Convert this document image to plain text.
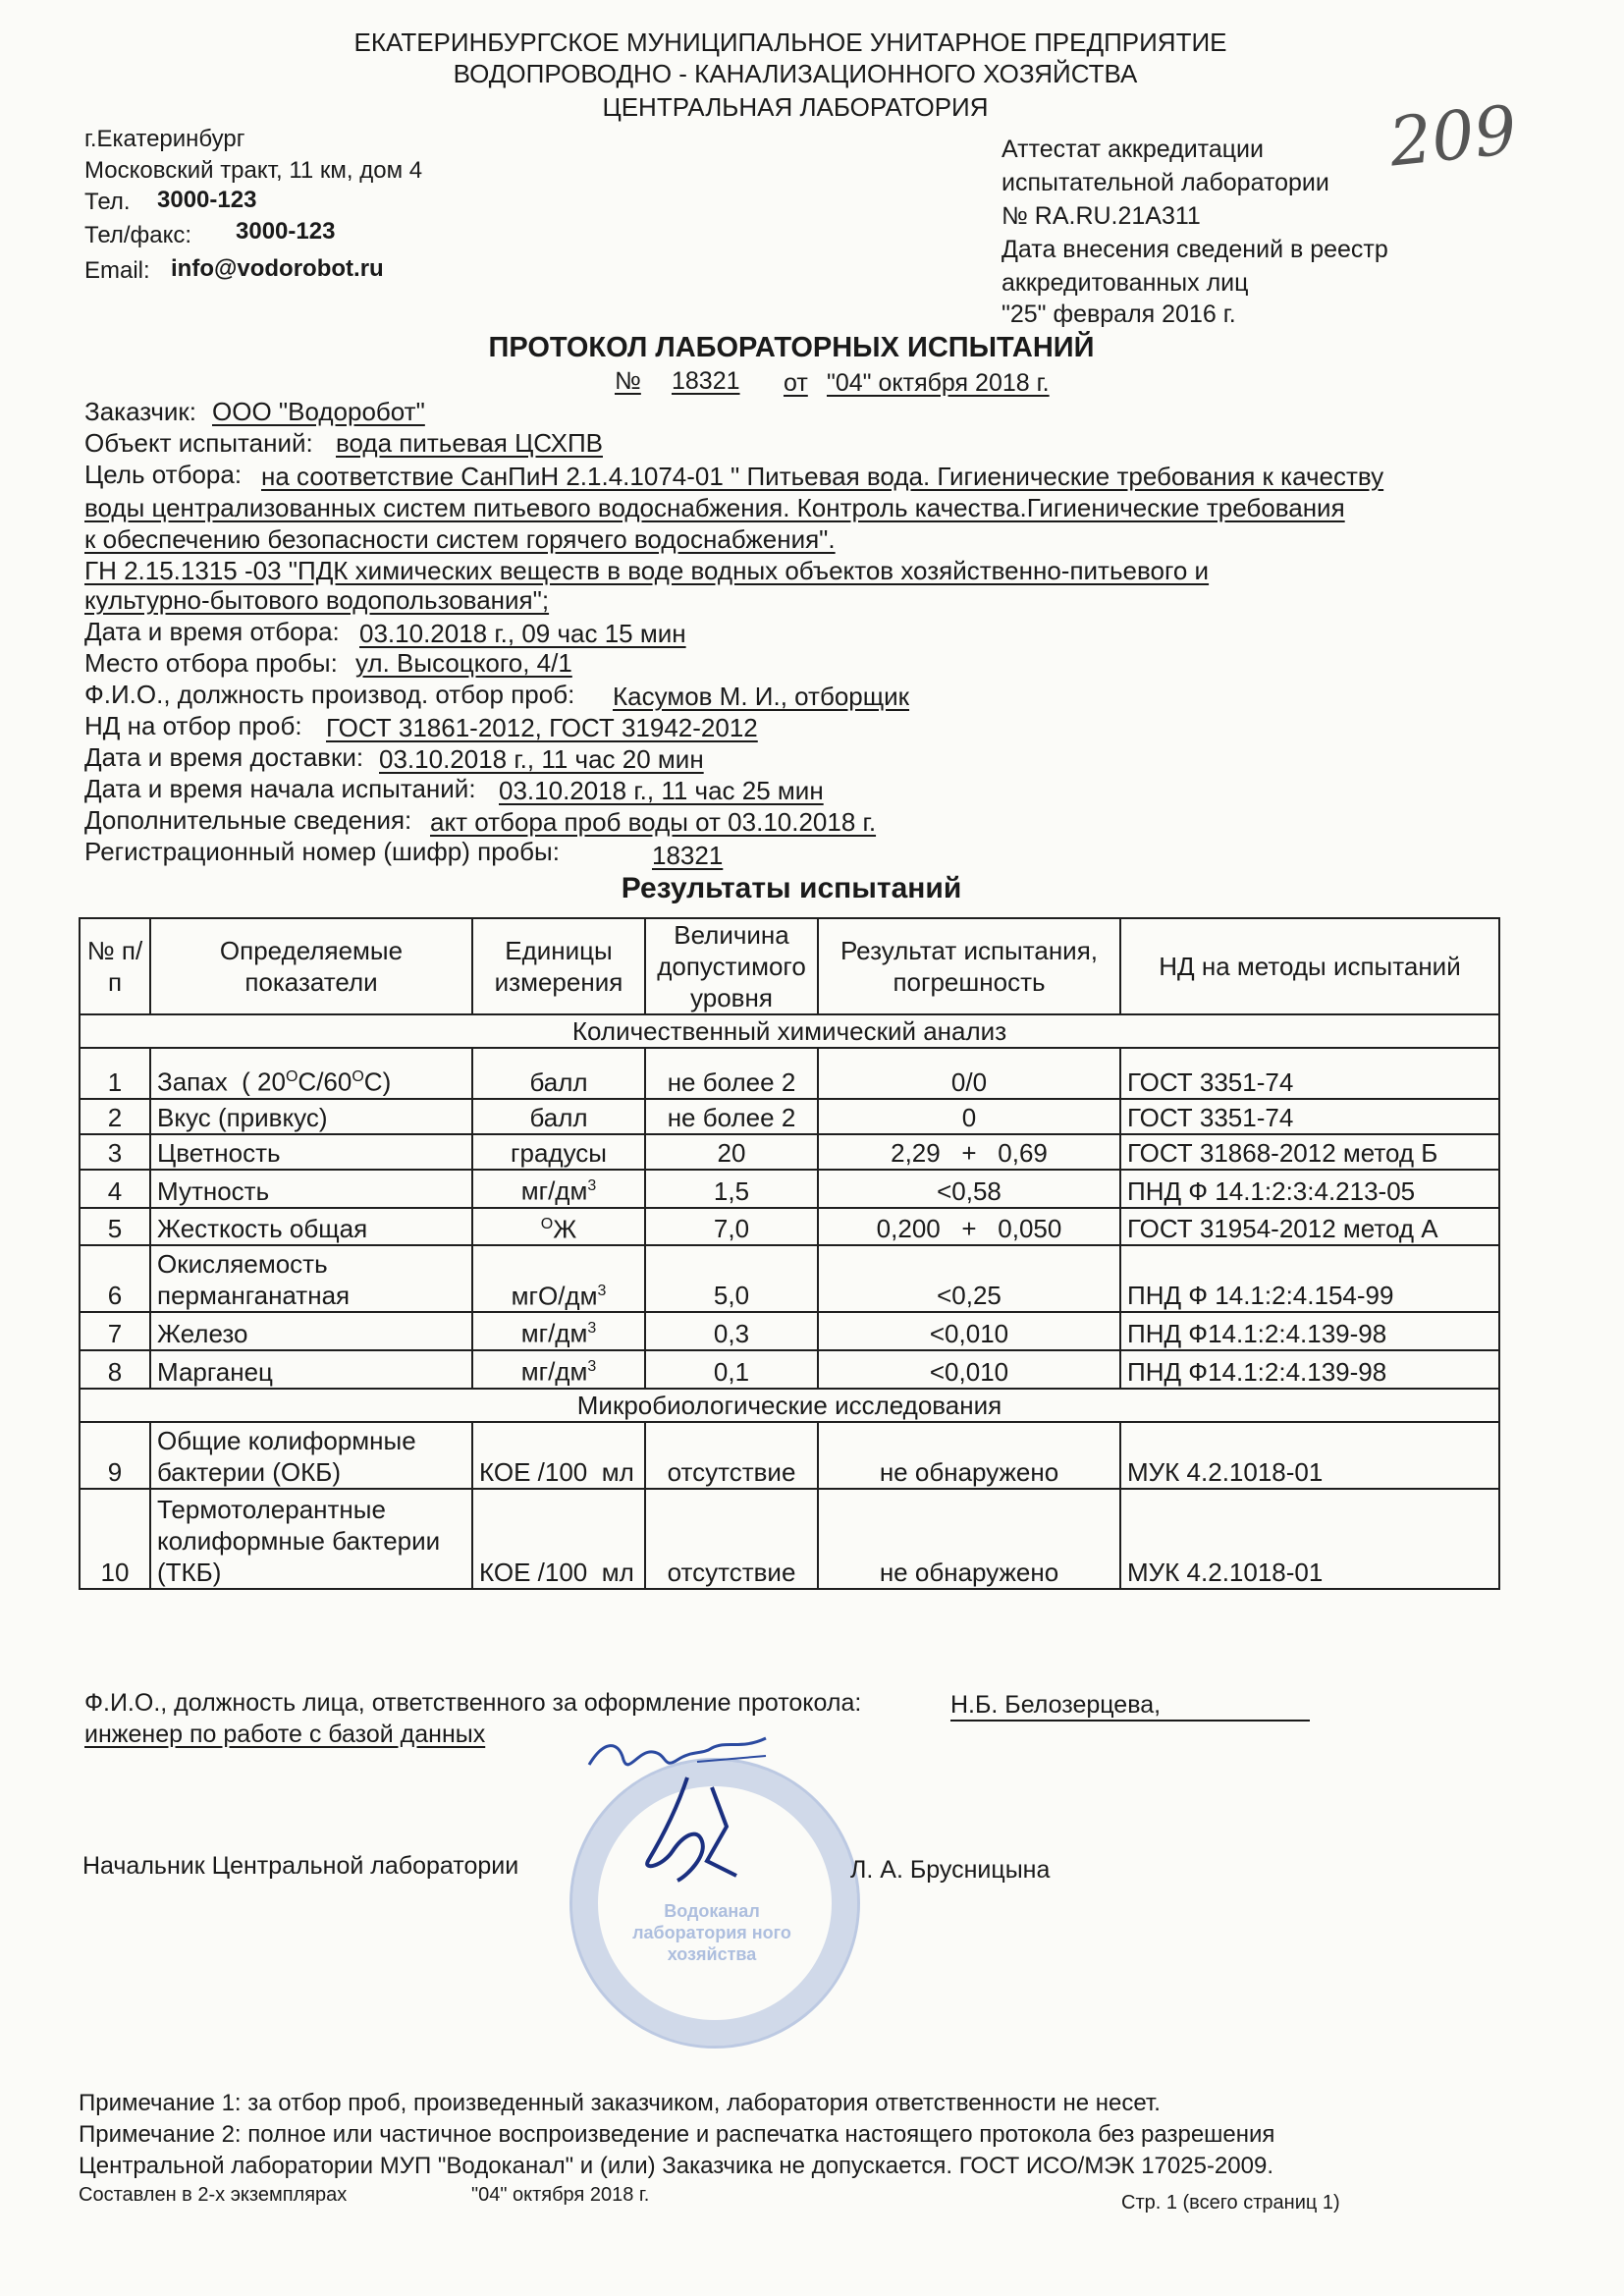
ЕКАТЕРИНБУРГСКОЕ МУНИЦИПАЛЬНОЕ УНИТАРНОЕ ПРЕДПРИЯТИЕ
ВОДОПРОВОДНО - КАНАЛИЗАЦИОННОГО ХОЗЯЙСТВА
ЦЕНТРАЛЬНАЯ ЛАБОРАТОРИЯ	209
г.Екатеринбург
Московский тракт, 11 км, дом 4
Тел. 3000-123
Тел/факс: 3000-123
Email: info@vodorobot.ru
Аттестат аккредитации
испытательной лаборатории
№ RA.RU.21A311
Дата внесения сведений в реестр
аккредитованных лиц
"25" февраля 2016 г.
ПРОТОКОЛ ЛАБОРАТОРНЫХ ИСПЫТАНИЙ
№ 18321 от "04" октября 2018 г.
Заказчик: ООО "Водоробот"
Объект испытаний: вода питьевая ЦСХПВ
Цель отбора: на соответствие СанПиН 2.1.4.1074-01 " Питьевая вода. Гигиенические требования к качеству
воды централизованных систем питьевого водоснабжения. Контроль качества.Гигиенические требования
к обеспечению безопасности систем горячего водоснабжения".
ГН 2.15.1315 -03 "ПДК химических веществ в воде водных объектов хозяйственно-питьевого и
культурно-бытового водопользования";
Дата и время отбора: 03.10.2018 г., 09 час 15 мин
Место отбора пробы: ул. Высоцкого, 4/1
Ф.И.О., должность производ. отбор проб: Касумов М. И., отборщик
НД на отбор проб: ГОСТ 31861-2012, ГОСТ 31942-2012
Дата и время доставки: 03.10.2018 г., 11 час 20 мин
Дата и время начала испытаний: 03.10.2018 г., 11 час 25 мин
Дополнительные сведения: акт отбора проб воды от 03.10.2018 г.
Регистрационный номер (шифр) пробы:	18321
Результаты испытаний
№ п/п	Определяемые показатели	Единицы измерения	Величина допустимого уровня	Результат испытания, погрешность	НД на методы испытаний
Количественный химический анализ					
1	Запах ( $20^OC/60^OC$)	балл	не более 2	0/0	ГОСТ 3351-74
2	Вкус (привкус)	балл	не более 2	0	ГОСТ 3351-74
3	Цветность	градусы	20	2,29   +   0,69	ГОСТ 31868-2012 метод Б
4	Мутность	$мг/дм^3$	1,5	<0,58	ПНД Ф 14.1:2:3:4.213-05
5	Жесткость общая	$^O$Ж	7,0	0,200   +   0,050	ГОСТ 31954-2012 метод А
6	Окисляемость
перманганатная	мгО/$дм^3$	5,0	<0,25	ПНД Ф 14.1:2:4.154-99
7	Железо	$мг/дм^3$	0,3	<0,010	ПНД Ф14.1:2:4.139-98
8	Марганец	$мг/дм^3$	0,1	<0,010	ПНД Ф14.1:2:4.139-98
Микробиологические исследования					
9	Общие колиформные
бактерии (ОКБ)	КОЕ /100  мл	отсутствие	не обнаружено	МУК 4.2.1018-01
10	Термотолерантные
колиформные бактерии
(ТКБ)	КОЕ /100  мл	отсутствие	не обнаружено	МУК 4.2.1018-01
Ф.И.О., должность лица, ответственного за оформление протокола:	Н.Б. Белозерцева,
инженер по работе с базой данных
Водоканал лаборатория ного хозяйства
Начальник Центральной лаборатории	Л. А. Брусницына
Примечание 1: за отбор проб, произведенный заказчиком, лаборатория ответственности не несет.
Примечание 2: полное или частичное воспроизведение и распечатка настоящего протокола без разрешения
Центральной лаборатории МУП "Водоканал" и (или) Заказчика не допускается. ГОСТ ИСО/МЭК 17025-2009.
Составлен в 2-х экземплярах	"04" октября 2018 г.	Стр. 1 (всего страниц 1)
